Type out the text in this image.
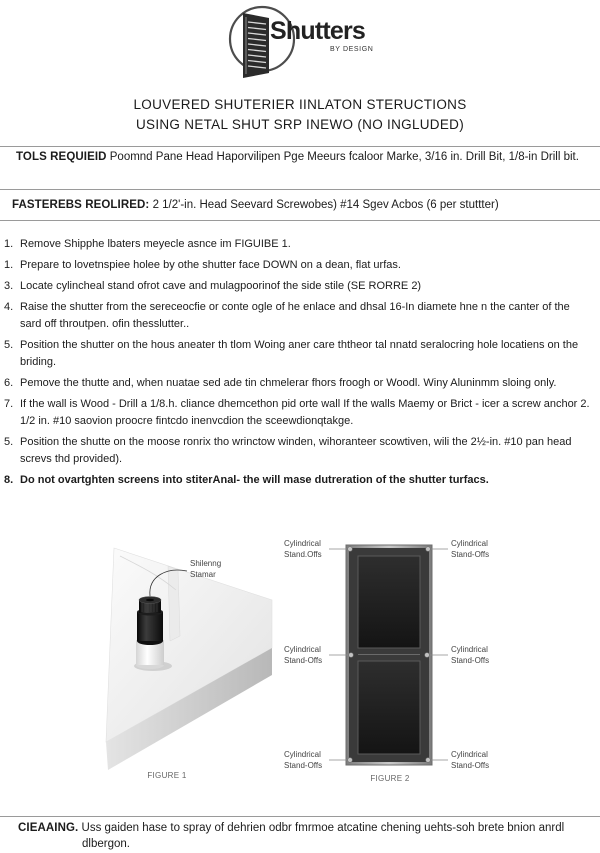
Shutters
BY DESIGN
LOUVERED SHUTERIER IINLATON STERUCTIONS
USING NETAL SHUT SRP INEWO (NO INGLUDED)
TOLS REQUIEID Poomnd Pane Head Haporvilipen Pge Meeurs fcaloor Marke, 3/16 in. Drill Bit, 1/8-in Drill bit.
FASTEREBS REOLIRED: 2 1/2'-in. Head Seevard Screwobes) #14 Sgev Acbos (6 per stuttter)
1. Remove Shipphe lbaters meyecle asnce im FIGUIBE 1.
1. Prepare to lovetnspiee holee by othe shutter face DOWN on a dean, flat urfas.
3. Locate cylincheal stand ofrot cave and mulagpoorinof the side stile (SE RORRE 2)
4. Raise the shutter from the sereceocfie or conte ogle of he enlace and dhsal 16-In diamete hne n the canter of the sard off throutpen. ofin thesslutter..
5. Position the shutter on the hous aneater th tlom Woing aner care ththeor tal nnatd seralocring hole locatiens on the briding.
6. Pemove the thutte and, when nuatae sed ade tin chmelerar fhors froogh or Woodl. Winy Aluninmm sloing only.
7. If the wall is Wood - Drill a 1/8.h. cliance dhemcethon pid orte wall If the walls Maemy or Brict - icer a screw anchor 2. 1/2 in. #10 saovion proocre fintcdo inenvcdion the sceewdionqtakge.
5. Position the shutte on the moose ronrix tho wrinctow winden, wihoranteer scowtiven, wili the 2½-in. #10 pan head screvs thd provided).
8. Do not ovartghten screens into stiterAnal- the will mase dutreration of the shutter turfacs.
Shilenng
Stamar
FIGURE 1
Cylindrical
Stand.Offs
Cylindrical
Stand-Offs
Cylindrical
Stand-Offs
Cylindrical
Stand-Offs
Cylindrical
Stand-Offs
Cylindrical
Stand-Offs
FIGURE 2
CIEAAING. Uss gaiden hase to spray of dehrien odbr fmrmoe atcatine chening uehts-soh brete bnion anrdl dlbergon.
